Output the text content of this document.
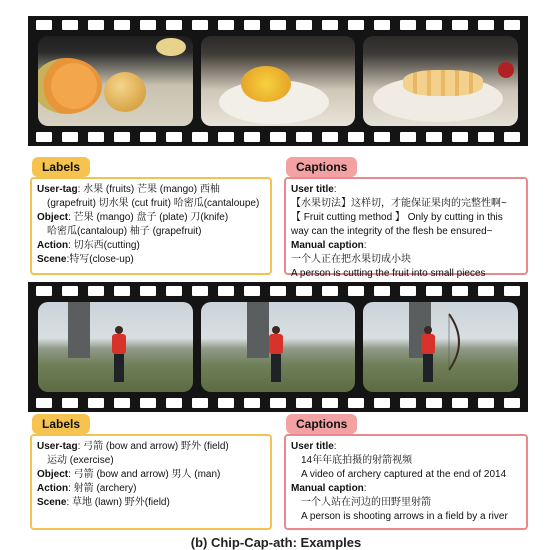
Labels
User-tag: 水果 (fruits) 芒果 (mango) 西柚
(grapefruit) 切水果 (cut fruit) 哈密瓜(cantaloupe)
Object: 芒果 (mango) 盘子 (plate) 刀(knife)
哈密瓜(cantaloup) 柚子 (grapefruit)
Action: 切东西(cutting)
Scene:特写(close-up)
Captions
User title:
【水果切法】这样切，才能保证果肉的完整性啊~
【 Fruit cutting method 】 Only by cutting in this
way can the integrity of the flesh be ensured~
Manual caption:
一个人正在把水果切成小块
A person is cutting the fruit into small pieces
Labels
User-tag: 弓箭 (bow and arrow) 野外 (field)
运动 (exercise)
Object: 弓箭 (bow and arrow) 男人 (man)
Action: 射箭 (archery)
Scene: 草地 (lawn) 野外(field)
Captions
User title:
14年年底拍摄的射箭视频
A video of archery captured at the end of 2014
Manual caption:
一个人站在河边的田野里射箭
A person is shooting arrows in a field by a river
(b) Chip-Cap-ath: Examples
